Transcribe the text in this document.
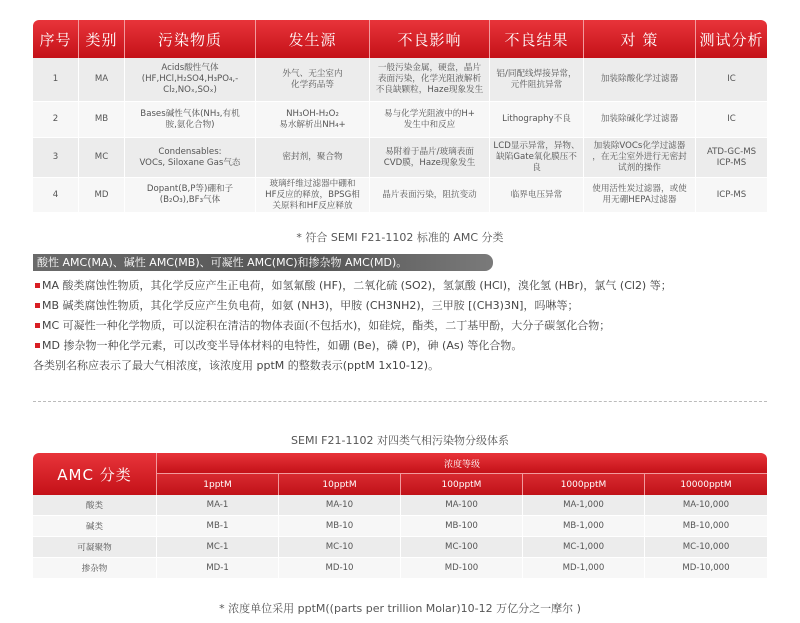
序号	类别	污染物质	发生源	不良影响	不良结果	对 策	测试分析
1	MA	Acids酸性气体
(HF,HCl,H₂SO4,H₃PO₄,-
Cl₂,NOₓ,SOₓ)	外气、无尘室内
化学药品等	一般污染金属，硬盘，晶片
表面污染，化学光阻液解析
不良缺颗粒，Haze现象发生	铝/同配线焊接异常，
元件阻抗异常	加装除酸化学过滤器	IC
2	MB	Bases碱性气体(NH₃,有机
胺,氨化合物)	NH₃OH-H₂O₂
易水解析出NH₄+	易与化学光阻液中的H+
发生中和反应	Lithography不良	加装除碱化学过滤器	IC
3	MC	Condensables:
VOCs, Siloxane Gas气态	密封剂，聚合物	易附着于晶片/玻璃表面
CVD膜，Haze现象发生	LCD显示异常，异物、
缺陷Gate氧化膜压不良	加装除VOCs化学过滤器
，在无尘室外进行无密封
试剂的操作	ATD-GC-MS
ICP-MS
4	MD	Dopant(B,P等)硼和子
(B₂O₃),BF₃气体	玻璃纤维过滤器中硼和
HF反应的释放，BPSG相
关原料和HF反应释放	晶片表面污染，阻抗变动	临界电压异常	使用活性炭过滤器，或使
用无硼HEPA过滤器	ICP-MS
* 符合 SEMI F21-1102 标准的 AMC 分类
酸性 AMC(MA)、碱性 AMC(MB)、可凝性 AMC(MC)和掺杂物 AMC(MD)。
MA 酸类腐蚀性物质，其化学反应产生正电荷，如氢氟酸 (HF)，二氧化硫 (SO2)，氢氯酸 (HCl)，溴化氢 (HBr)，氯气 (Cl2) 等；
MB 碱类腐蚀性物质，其化学反应产生负电荷，如氨 (NH3)，甲胺 (CH3NH2)，三甲胺 [(CH3)3N]，吗啉等；
MC 可凝性一种化学物质，可以淀积在清洁的物体表面(不包括水)，如硅烷，酯类，二丁基甲酚，大分子碳氢化合物；
MD 掺杂物一种化学元素，可以改变半导体材料的电特性，如硼 (Be)，磷 (P)，砷 (As) 等化合物。
各类别名称应表示了最大气相浓度，该浓度用 pptM 的整数表示(pptM 1x10-12)。
SEMI F21-1102 对四类气相污染物分级体系
AMC 分类	浓度等级				
	1pptM	10pptM	100pptM	1000pptM	10000pptM
酸类	MA-1	MA-10	MA-100	MA-1,000	MA-10,000
碱类	MB-1	MB-10	MB-100	MB-1,000	MB-10,000
可凝聚物	MC-1	MC-10	MC-100	MC-1,000	MC-10,000
掺杂物	MD-1	MD-10	MD-100	MD-1,000	MD-10,000
* 浓度单位采用 pptM((parts per trillion Molar)10-12 万亿分之一摩尔 )
